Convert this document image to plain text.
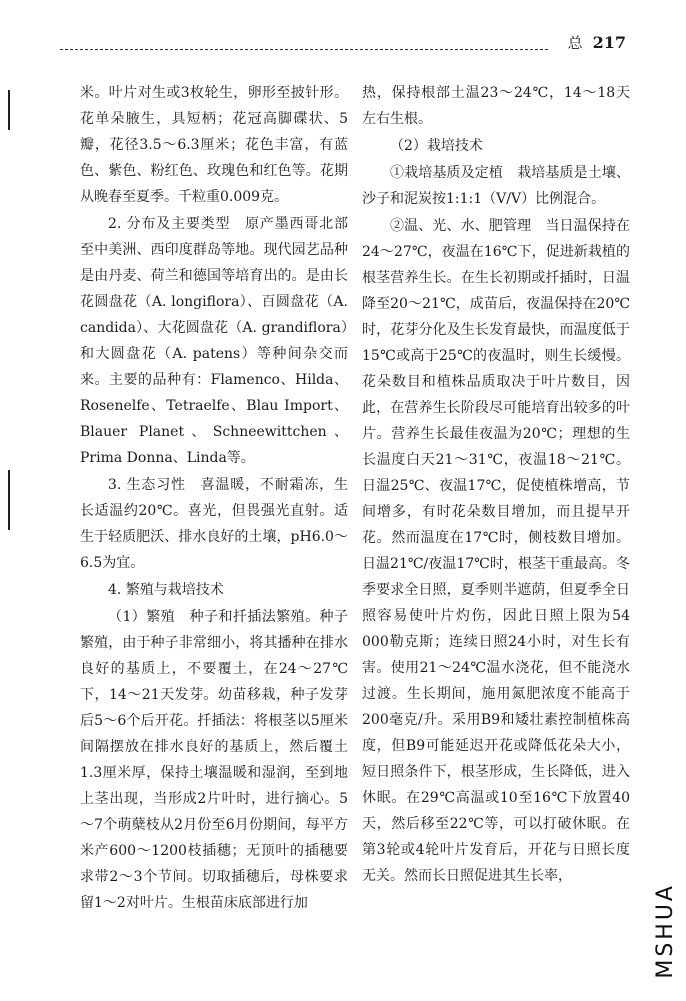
总 217

米。叶片对生或3枚轮生，卵形至披针形。花单朵腋生，具短柄；花冠高脚碟状、5瓣，花径3.5～6.3厘米；花色丰富，有蓝色、紫色、粉红色、玫瑰色和红色等。花期从晚春至夏季。千粒重0.009克。

2. 分布及主要类型　原产墨西哥北部至中美洲、西印度群岛等地。现代园艺品种是由丹麦、荷兰和德国等培育出的。是由长花圆盘花（A. longiflora）、百圆盘花（A. candida）、大花圆盘花（A. grandiflora）和大圆盘花（A. patens）等种间杂交而来。主要的品种有：Flamenco、Hilda、Rosenelfe、Tetraelfe、Blau Import、Blauer Planet、Schneewittchen、Prima Donna、Linda等。

3. 生态习性　喜温暖，不耐霜冻，生长适温约20℃。喜光，但畏强光直射。适生于轻质肥沃、排水良好的土壤，pH6.0～6.5为宜。

4. 繁殖与栽培技术

（1）繁殖　种子和扦插法繁殖。种子繁殖，由于种子非常细小，将其播种在排水良好的基质上，不要覆土，在24～27℃下，14～21天发芽。幼苗移栽，种子发芽后5～6个后开花。扦插法：将根茎以5厘米间隔摆放在排水良好的基质上，然后覆土1.3厘米厚，保持土壤温暖和湿润，至到地上茎出现，当形成2片叶时，进行摘心。5～7个萌蘖枝从2月份至6月份期间，每平方米产600～1200枝插穗；无顶叶的插穗要求带2～3个节间。切取插穗后，母株要求留1～2对叶片。生根苗床底部进行加

热，保持根部土温23～24℃，14～18天左右生根。

（2）栽培技术

①栽培基质及定植　栽培基质是土壤、沙子和泥炭按1:1:1（V/V）比例混合。

②温、光、水、肥管理　当日温保持在24～27℃，夜温在16℃下，促进新栽植的根茎营养生长。在生长初期或扦插时，日温降至20～21℃，成苗后，夜温保持在20℃时，花芽分化及生长发育最快，而温度低于15℃或高于25℃的夜温时，则生长缓慢。花朵数目和植株品质取决于叶片数目，因此，在营养生长阶段尽可能培育出较多的叶片。营养生长最佳夜温为20℃；理想的生长温度白天21～31℃，夜温18～21℃。日温25℃、夜温17℃，促使植株增高，节间增多，有时花朵数目增加，而且提早开花。然而温度在17℃时，侧枝数目增加。日温21℃/夜温17℃时，根茎干重最高。冬季要求全日照，夏季则半遮荫，但夏季全日照容易使叶片灼伤，因此日照上限为54 000勒克斯；连续日照24小时，对生长有害。使用21～24℃温水浇花，但不能浇水过渡。生长期间，施用氮肥浓度不能高于200毫克/升。采用B9和矮壮素控制植株高度，但B9可能延迟开花或降低花朵大小，短日照条件下，根茎形成，生长降低，进入休眠。在29℃高温或10至16℃下放置40天，然后移至22℃等，可以打破休眠。在第3轮或4轮叶片发育后，开花与日照长度无关。然而长日照促进其生长率，

MSHUA
